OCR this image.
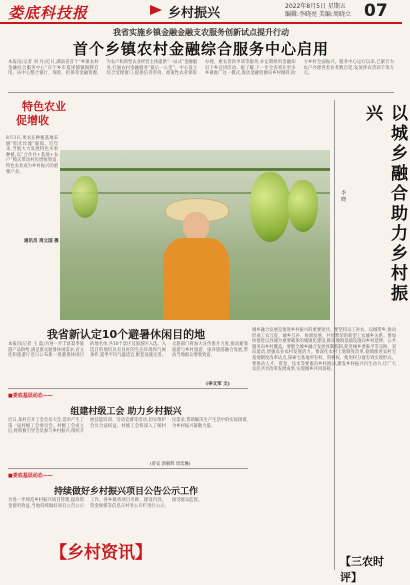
娄底科技报	乡村振兴	2022年8月5日 星期五
编辑:李晓亮 美编:周晓立 07
我省实施乡镇金融金融支农服务创新试点提升行动
首个乡镇农村金融综合服务中心启用
本报讯(记者 刘 丹)近日,湖南省首个“乡镇农村金融综合服务中心”在宁乡市夏铎铺镇揭牌启用。该中心整合银行、保险、担保等金融资源,为农户和新型农业经营主体提供“一站式”金融服务,打通农村金融服务“最后一公里”。中心设立综合受理窗口,提供信贷咨询、政策性农业保险办理、惠农贷款申请等服务,并定期组织金融知识下乡宣讲活动。据了解,下一步全省将在更多乡镇推广这一模式,推动金融资源向乡村倾斜,助力乡村全面振兴。服务中心运行以来,已累计为农户办理各类业务数百笔,发放涉农贷款千余万元。
特色农业
促增收
8月3日,果农在种植基地采摘“阳光玫瑰”葡萄。近年来,当地大力发展特色水果种植,以“合作社+基地+农户”模式带动村民增收致富,特色农业成为乡村振兴的重要产业。
通讯员 周立国 摄	以城乡融合助力乡村振兴
李 晓
城乡融合发展是推进乡村振兴的重要途径。要坚持以工补农、以城带乡,推动形成工农互促、城乡互补、协调发展、共同繁荣的新型工农城乡关系。要加快推进以县城为重要载体的城镇化建设,推动城镇基础设施向乡村延伸、公共服务向乡村覆盖。要健全城乡融合发展体制机制,促进城乡要素平等交换、双向流动,增强农业农村发展活力。要深化农村土地制度改革,稳慎推进农村宅基地制度改革试点,探索宅基地所有权、资格权、使用权分置有效实现形式。要推动人才、资金、技术等要素向乡村流动,激发乡村振兴内生动力,让广大农民共享改革发展成果,实现城乡共同富裕。
我省新认定10个避暑休闲目的地
本报讯(记者 王 磊)为进一步丰富夏季旅游产品供给,满足群众避暑休闲需求,省文化和旅游厅近日公布新一批避暑休闲目的地名单,共10个景区及旅游区入选。入选目的地均具有良好的生态环境和气候条件,夏季平均气温适宜,配套设施完善。文旅部门将加大宣传推介力度,推动避暑旅游与乡村旅游、康养旅游融合发展,带动当地群众增收致富。
(李文军 文)
■娄底基层动态——
组建村级工会 助力乡村振兴
近日,某村召开工会会员大会,选举产生了第一届村级工会委员会。村级工会成立后,将积极引导会员参与乡村振兴,组织开展技能培训、劳动竞赛等活动,切实维护会员合法权益。村级工会将深入了解村民需求,帮助解决生产生活中的实际困难,为乡村振兴凝聚力量。
(曾安 郭朝辉 周奕琳)
■娄底基层动态——
持续做好乡村振兴项目公告公示工作
为进一步规范乡村振兴项目管理,提高资金使用效益,当地持续做好项目公告公示工作。各乡镇将项目名称、建设内容、资金规模等信息在村务公开栏进行公示,接受群众监督。
【乡村资讯】	【三农时评】
